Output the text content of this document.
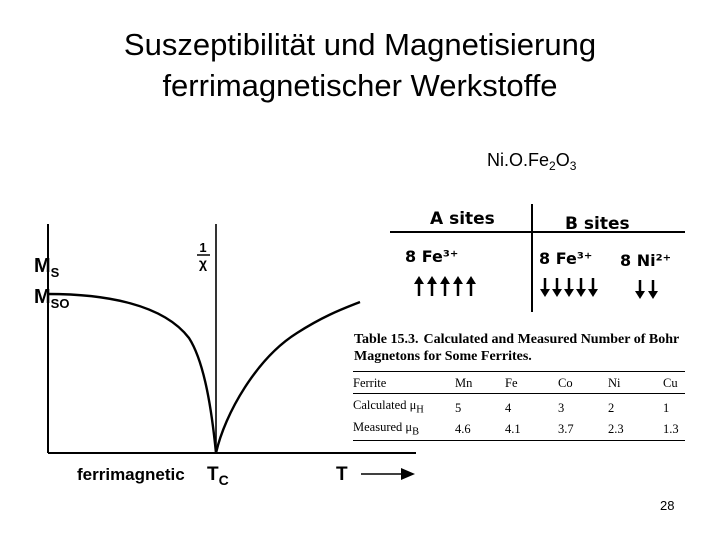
Suszeptibilität und Magnetisierung
ferrimagnetischer Werkstoffe
$Ni.O.Fe_2O_3$
$M_S$
$M_{SO}$
1
χ
ferrimagnetic $T_C$	T
A sites	B sites
8 Fe³⁺	8 Fe³⁺ 8 Ni²⁺
Table 15.3. Calculated and Measured Number of Bohr Magnetons for Some Ferrites.
Ferrite	Mn	Fe	Co	Ni	Cu
Calculated $\mu_H$	5	4	3	2	1
Measured $\mu_B$	4.6	4.1	3.7	2.3	1.3
28
